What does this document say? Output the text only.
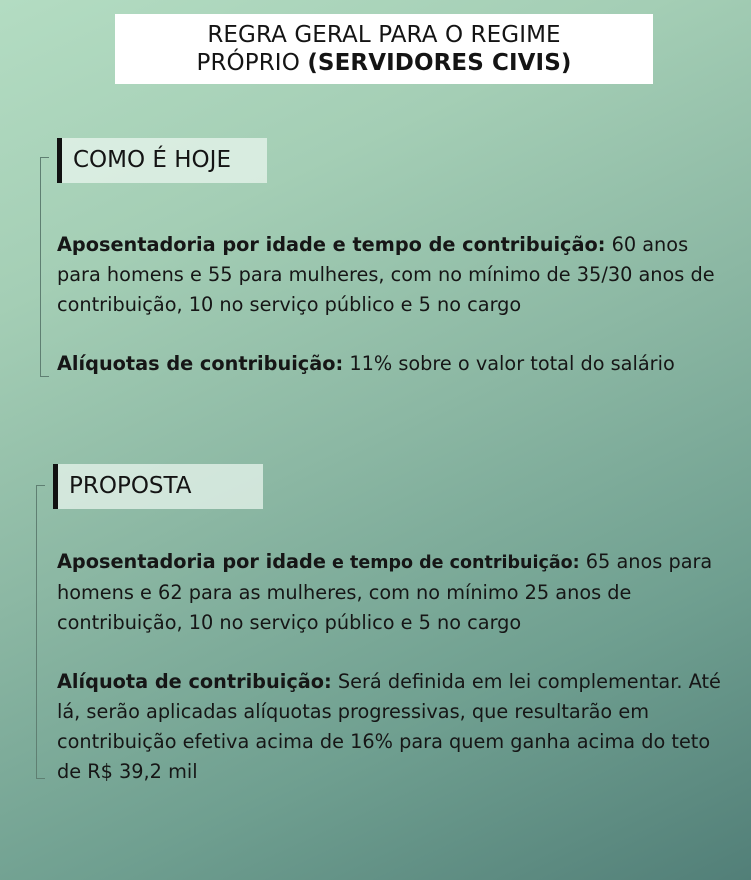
REGRA GERAL PARA O REGIME
PRÓPRIO (SERVIDORES CIVIS)
COMO É HOJE
Aposentadoria por idade e tempo de contribuição: 60 anos para homens e 55 para mulheres, com no mínimo de 35/30 anos de contribuição, 10 no serviço público e 5 no cargo
Alíquotas de contribuição: 11% sobre o valor total do salário
PROPOSTA
Aposentadoria por idade e tempo de contribuição: 65 anos para homens e 62 para as mulheres, com no mínimo 25 anos de contribuição, 10 no serviço público e 5 no cargo
Alíquota de contribuição: Será definida em lei complementar. Até lá, serão aplicadas alíquotas progressivas, que resultarão em contribuição efetiva acima de 16% para quem ganha acima do teto de R$ 39,2 mil
